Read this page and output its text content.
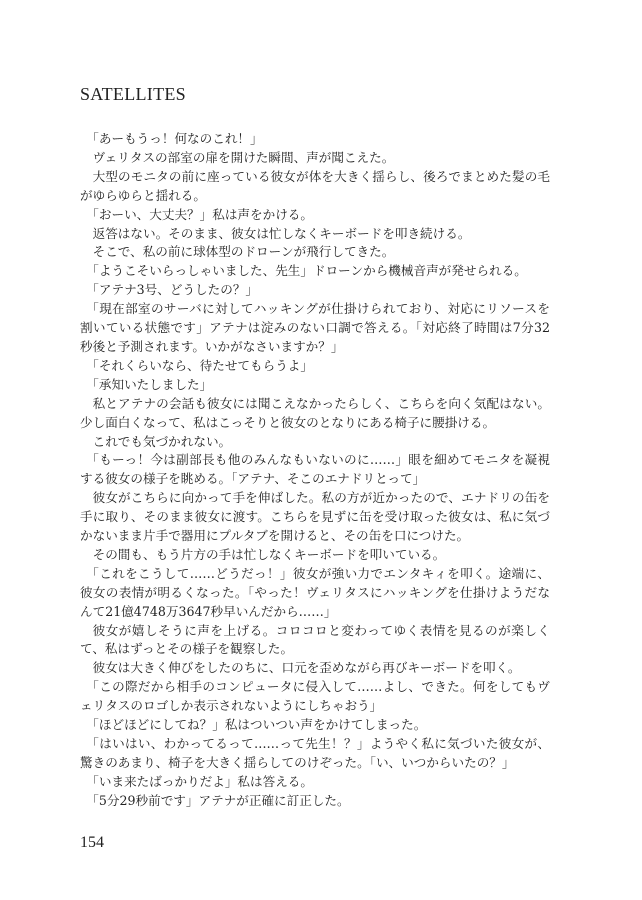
SATELLITES

「あーもうっ！何なのこれ！」

ヴェリタスの部室の扉を開けた瞬間、声が聞こえた。

大型のモニタの前に座っている彼女が体を大きく揺らし、後ろでまとめた髪の毛がゆらゆらと揺れる。

「おーい、大丈夫？」私は声をかける。

返答はない。そのまま、彼女は忙しなくキーボードを叩き続ける。

そこで、私の前に球体型のドローンが飛行してきた。

「ようこそいらっしゃいました、先生」ドローンから機械音声が発せられる。

「アテナ3号、どうしたの？」

「現在部室のサーバに対してハッキングが仕掛けられており、対応にリソースを割いている状態です」アテナは淀みのない口調で答える。「対応終了時間は7分32秒後と予測されます。いかがなさいますか？」

「それくらいなら、待たせてもらうよ」

「承知いたしました」

私とアテナの会話も彼女には聞こえなかったらしく、こちらを向く気配はない。少し面白くなって、私はこっそりと彼女のとなりにある椅子に腰掛ける。

これでも気づかれない。

「もーっ！今は副部長も他のみんなもいないのに……」眼を細めてモニタを凝視する彼女の様子を眺める。「アテナ、そこのエナドリとって」

彼女がこちらに向かって手を伸ばした。私の方が近かったので、エナドリの缶を手に取り、そのまま彼女に渡す。こちらを見ずに缶を受け取った彼女は、私に気づかないまま片手で器用にプルタブを開けると、その缶を口につけた。

その間も、もう片方の手は忙しなくキーボードを叩いている。

「これをこうして……どうだっ！」彼女が強い力でエンタキィを叩く。途端に、彼女の表情が明るくなった。「やった！ヴェリタスにハッキングを仕掛けようだなんて21億4748万3647秒早いんだから……」

彼女が嬉しそうに声を上げる。コロコロと変わってゆく表情を見るのが楽しくて、私はずっとその様子を観察した。

彼女は大きく伸びをしたのちに、口元を歪めながら再びキーボードを叩く。

「この際だから相手のコンピュータに侵入して……よし、できた。何をしてもヴェリタスのロゴしか表示されないようにしちゃおう」

「ほどほどにしてね？」私はついつい声をかけてしまった。

「はいはい、わかってるって……って先生！？」ようやく私に気づいた彼女が、驚きのあまり、椅子を大きく揺らしてのけぞった。「い、いつからいたの？」

「いま来たばっかりだよ」私は答える。

「5分29秒前です」アテナが正確に訂正した。

154
